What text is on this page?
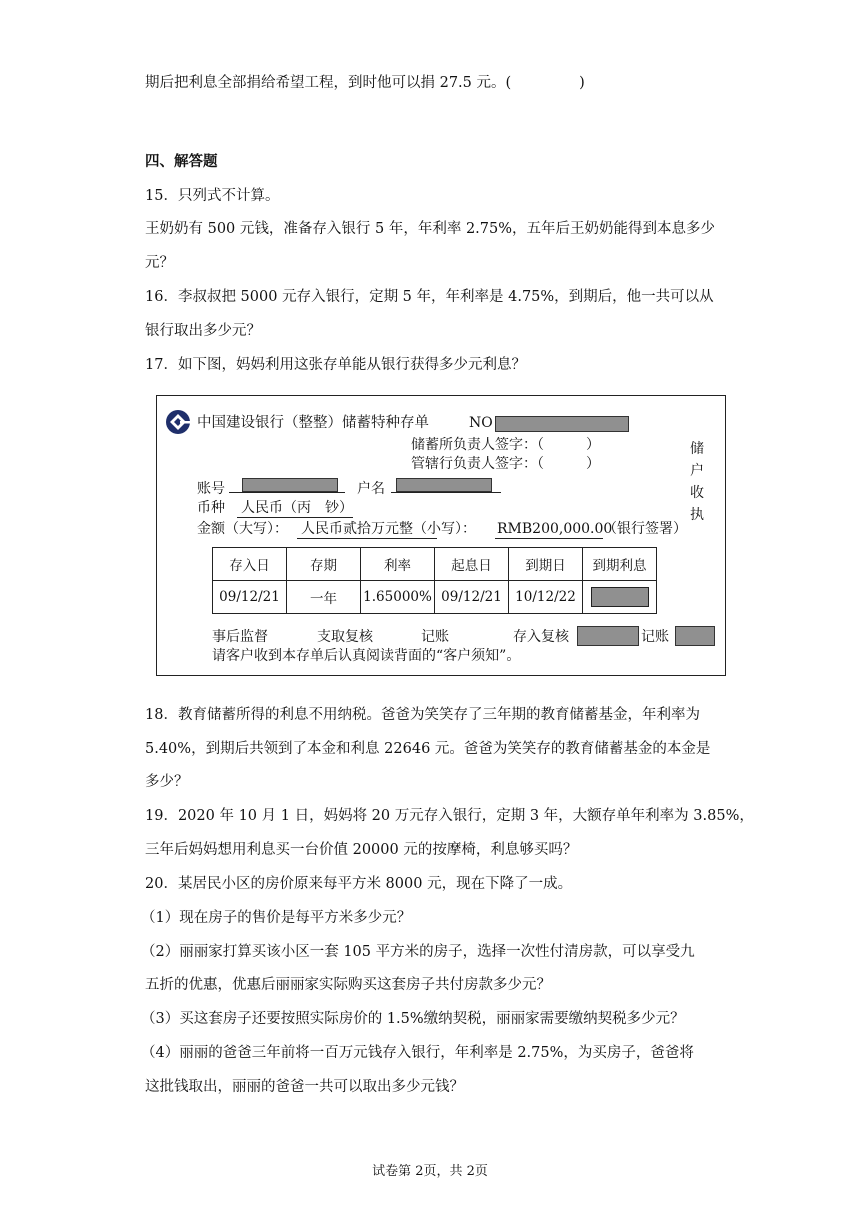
期后把利息全部捐给希望工程，到时他可以捐 27.5 元。(	)
四、解答题
15．只列式不计算。
王奶奶有 500 元钱，准备存入银行 5 年，年利率 2.75%，五年后王奶奶能得到本息多少
元？
16．李叔叔把 5000 元存入银行，定期 5 年，年利率是 4.75%，到期后，他一共可以从
银行取出多少元？
17．如下图，妈妈利用这张存单能从银行获得多少元利息？
中国建设银行（整整）储蓄特种存单	NO
储蓄所负责人签字：（　　　）
管辖行负责人签字：（　　　）
账号	户名
币种 人民币（丙　钞）
金额（大写）： 人民币贰拾万元整 （小写）： RMB200,000.00
（银行签署）
存入日	存期	利率	起息日	到期日	到期利息
09/12/21	一年	1.65000%	09/12/21	10/12/22	
事后监督	支取复核	记账	存入复核	记账
请客户收到本存单后认真阅读背面的“客户须知”。
储
户
收
执
18．教育储蓄所得的利息不用纳税。爸爸为笑笑存了三年期的教育储蓄基金，年利率为
5.40%，到期后共领到了本金和利息 22646 元。爸爸为笑笑存的教育储蓄基金的本金是
多少？
19．2020 年 10 月 1 日，妈妈将 20 万元存入银行，定期 3 年，大额存单年利率为 3.85%，
三年后妈妈想用利息买一台价值 20000 元的按摩椅，利息够买吗？
20．某居民小区的房价原来每平方米 8000 元，现在下降了一成。
（1）现在房子的售价是每平方米多少元？
（2）丽丽家打算买该小区一套 105 平方米的房子，选择一次性付清房款，可以享受九
五折的优惠，优惠后丽丽家实际购买这套房子共付房款多少元？
（3）买这套房子还要按照实际房价的 1.5%缴纳契税，丽丽家需要缴纳契税多少元？
（4）丽丽的爸爸三年前将一百万元钱存入银行，年利率是 2.75%，为买房子，爸爸将
这批钱取出，丽丽的爸爸一共可以取出多少元钱？
试卷第 2页，共 2页
